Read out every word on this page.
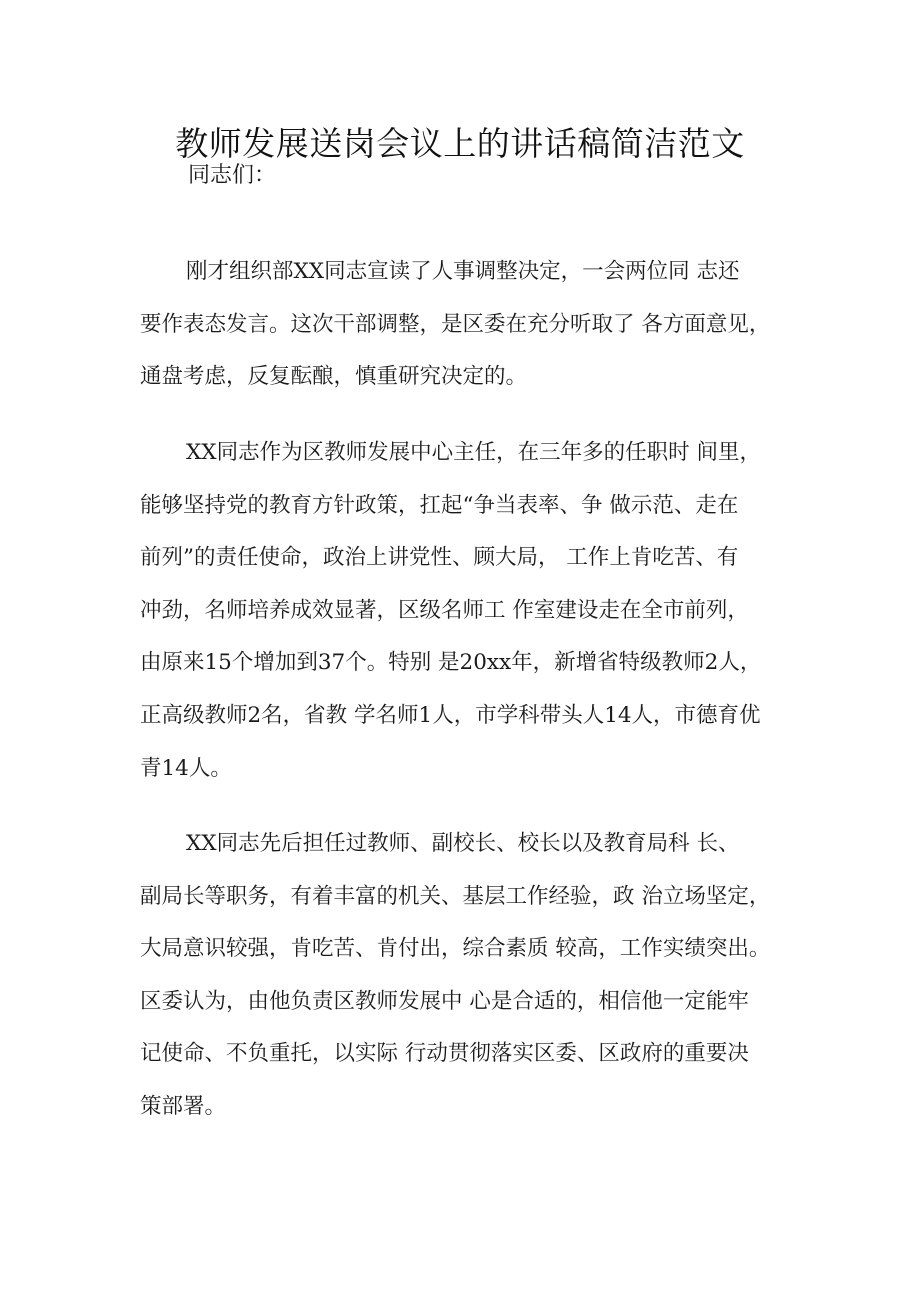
教师发展送岗会议上的讲话稿简洁范文

同志们：

刚才组织部XX同志宣读了人事调整决定，一会两位同 志还
要作表态发言。这次干部调整，是区委在充分听取了 各方面意见，
通盘考虑，反复酝酿，慎重研究决定的。
XX同志作为区教师发展中心主任，在三年多的任职时 间里，
能够坚持党的教育方针政策，扛起“争当表率、争 做示范、走在
前列”的责任使命，政治上讲党性、顾大局， 工作上肯吃苦、有
冲劲，名师培养成效显著，区级名师工 作室建设走在全市前列，
由原来15个增加到37个。特别 是20xx年，新增省特级教师2人，
正高级教师2名，省教 学名师1人，市学科带头人14人，市德育优
青14人。
XX同志先后担任过教师、副校长、校长以及教育局科 长、
副局长等职务，有着丰富的机关、基层工作经验，政 治立场坚定，
大局意识较强，肯吃苦、肯付出，综合素质 较高，工作实绩突出。
区委认为，由他负责区教师发展中 心是合适的，相信他一定能牢
记使命、不负重托，以实际 行动贯彻落实区委、区政府的重要决
策部署。
